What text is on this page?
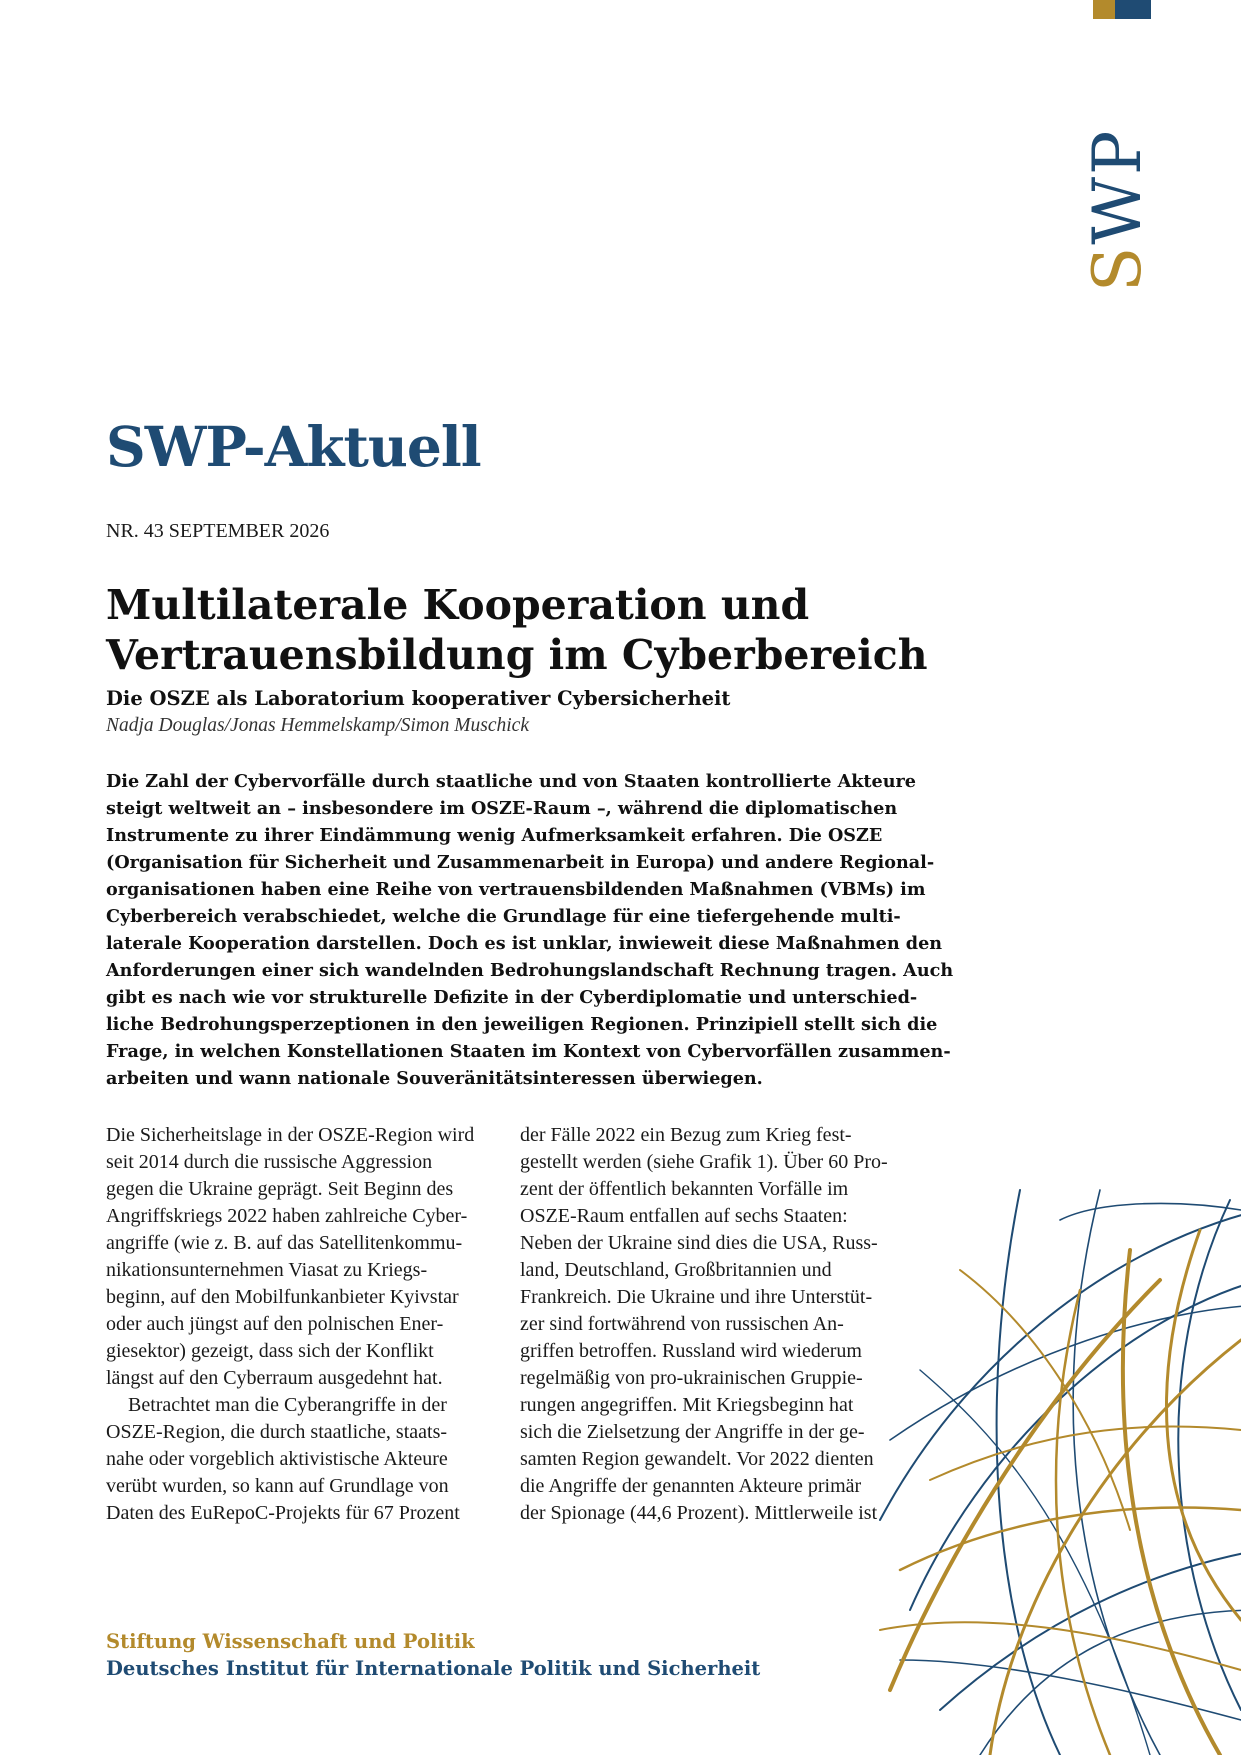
SWP
SWP-Aktuell
NR. 43 SEPTEMBER 2026
Multilaterale Kooperation und
Vertrauensbildung im Cyberbereich
Die OSZE als Laboratorium kooperativer Cybersicherheit
Nadja Douglas/Jonas Hemmelskamp/Simon Muschick
Die Zahl der Cybervorfälle durch staatliche und von Staaten kontrollierte Akteure
steigt weltweit an – insbesondere im OSZE-Raum –, während die diplomatischen
Instrumente zu ihrer Eindämmung wenig Aufmerksamkeit erfahren. Die OSZE
(Organisation für Sicherheit und Zusammenarbeit in Europa) und andere Regional-
organisationen haben eine Reihe von vertrauensbildenden Maßnahmen (VBMs) im
Cyberbereich verabschiedet, welche die Grundlage für eine tiefergehende multi-
laterale Kooperation darstellen. Doch es ist unklar, inwieweit diese Maßnahmen den
Anforderungen einer sich wandelnden Bedrohungslandschaft Rechnung tragen. Auch
gibt es nach wie vor strukturelle Defizite in der Cyberdiplomatie und unterschied-
liche Bedrohungsperzeptionen in den jeweiligen Regionen. Prinzipiell stellt sich die
Frage, in welchen Konstellationen Staaten im Kontext von Cybervorfällen zusammen-
arbeiten und wann nationale Souveränitätsinteressen überwiegen.
Die Sicherheitslage in der OSZE-Region wird
seit 2014 durch die russische Aggression
gegen die Ukraine geprägt. Seit Beginn des
Angriffskriegs 2022 haben zahlreiche Cyber-
angriffe (wie z. B. auf das Satellitenkommu-
nikationsunternehmen Viasat zu Kriegs-
beginn, auf den Mobilfunkanbieter Kyivstar
oder auch jüngst auf den polnischen Ener-
giesektor) gezeigt, dass sich der Konflikt
längst auf den Cyberraum ausgedehnt hat.
Betrachtet man die Cyberangriffe in der
OSZE-Region, die durch staatliche, staats-
nahe oder vorgeblich aktivistische Akteure
verübt wurden, so kann auf Grundlage von
Daten des EuRepoC-Projekts für 67 Prozent
der Fälle 2022 ein Bezug zum Krieg fest-
gestellt werden (siehe Grafik 1). Über 60 Pro-
zent der öffentlich bekannten Vorfälle im
OSZE-Raum entfallen auf sechs Staaten:
Neben der Ukraine sind dies die USA, Russ-
land, Deutschland, Großbritannien und
Frankreich. Die Ukraine und ihre Unterstüt-
zer sind fortwährend von russischen An-
griffen betroffen. Russland wird wiederum
regelmäßig von pro-ukrainischen Gruppie-
rungen angegriffen. Mit Kriegsbeginn hat
sich die Zielsetzung der Angriffe in der ge-
samten Region gewandelt. Vor 2022 dienten
die Angriffe der genannten Akteure primär
der Spionage (44,6 Prozent). Mittlerweile ist
Stiftung Wissenschaft und Politik
Deutsches Institut für Internationale Politik und Sicherheit
